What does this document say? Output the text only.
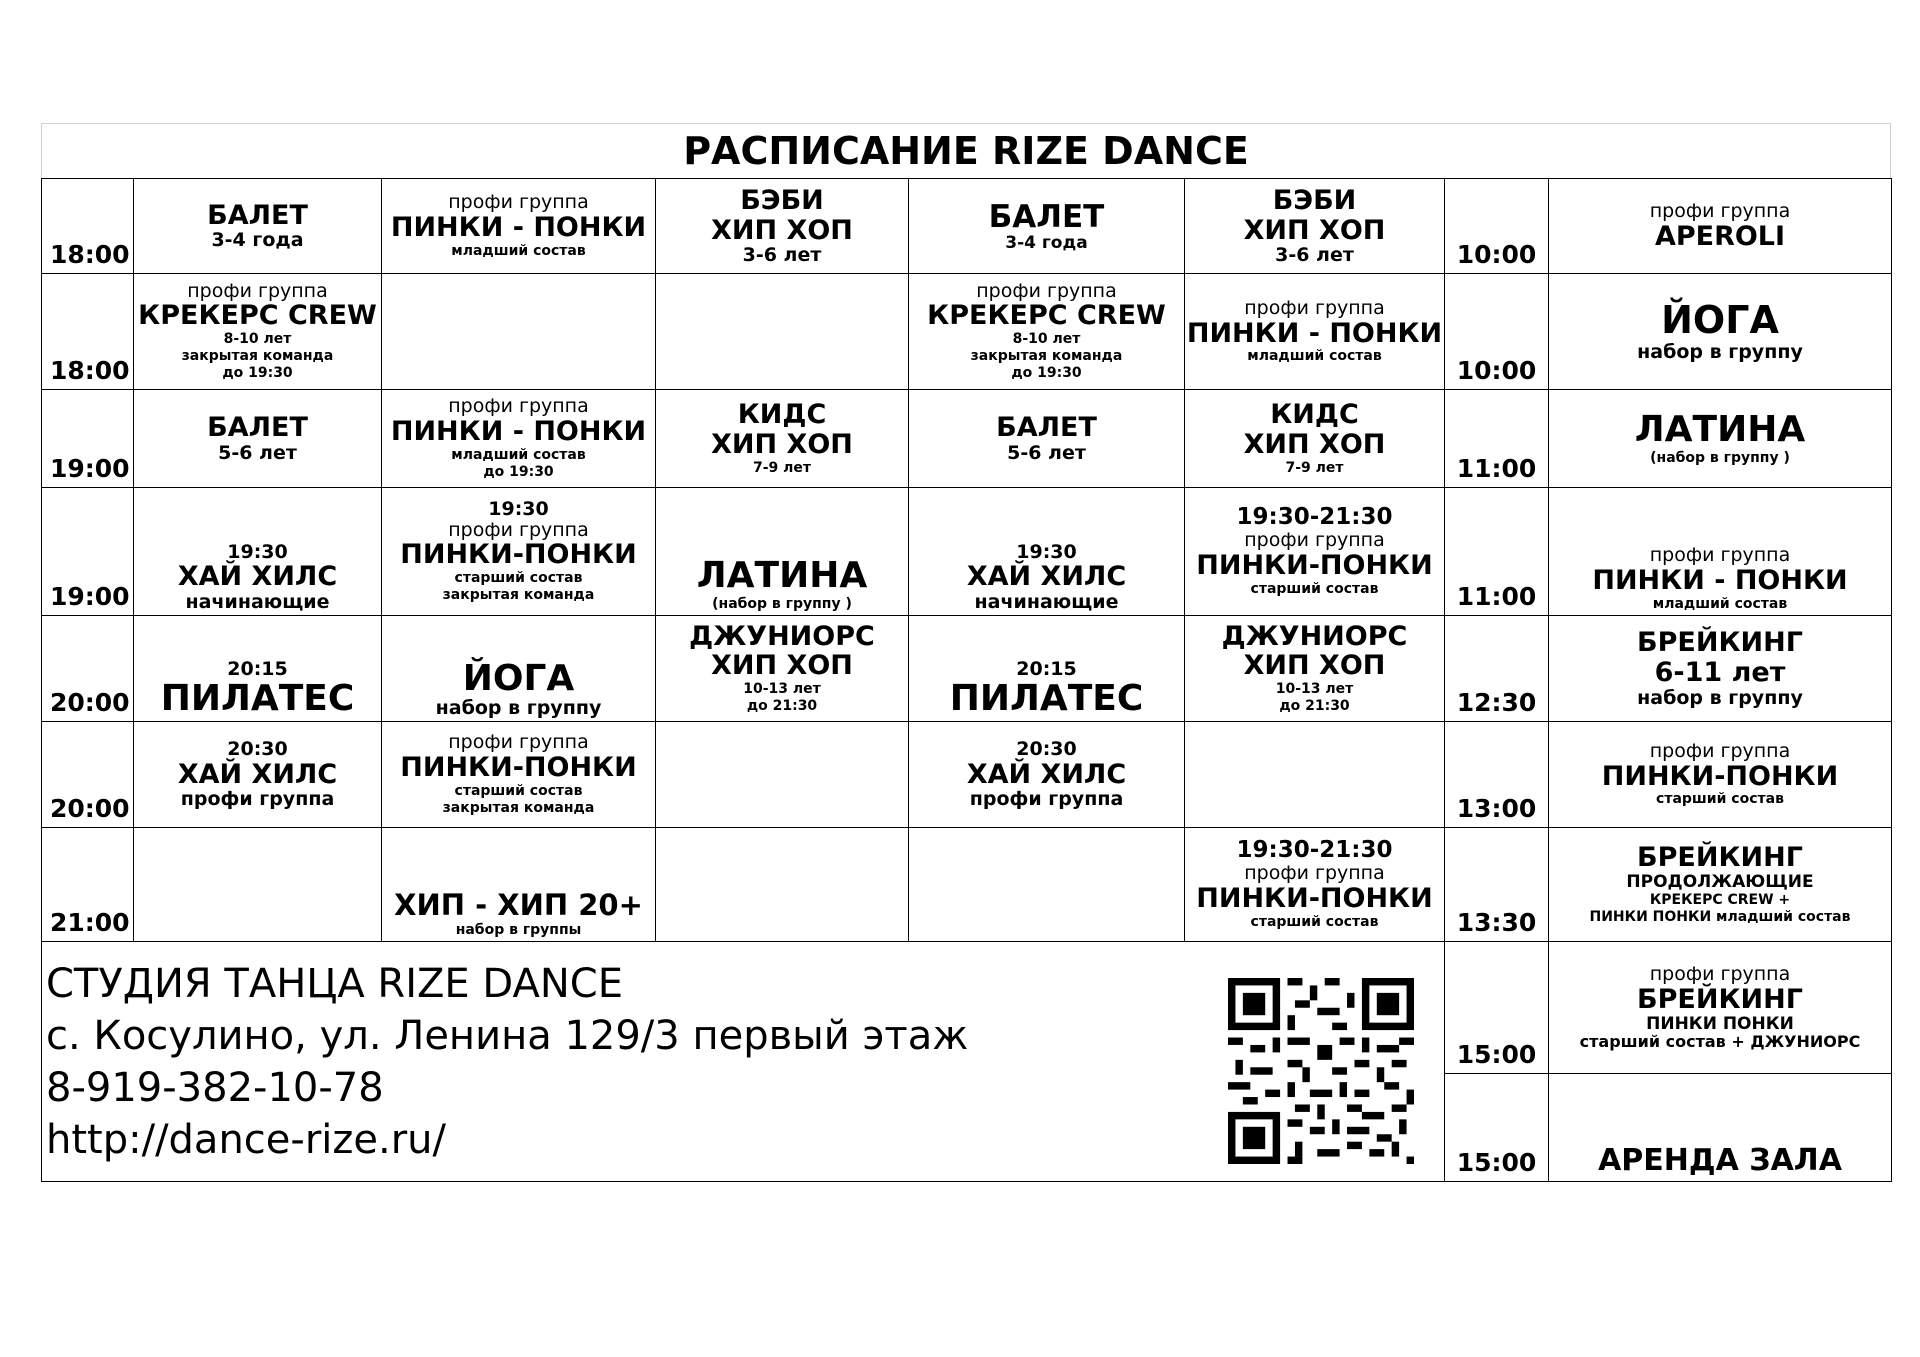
РАСПИСАНИЕ RIZE DANCE
18:00	БАЛЕТ
3-4 года	профи группа
ПИНКИ - ПОНКИ
младший состав	БЭБИ
ХИП ХОП
3-6 лет	БАЛЕТ
3-4 года	БЭБИ
ХИП ХОП
3-6 лет	10:00	профи группа
APEROLI

18:00	профи группа
КРЕКЕРС CREW
8-10 лет
закрытая команда
до 19:30			профи группа
КРЕКЕРС CREW
8-10 лет
закрытая команда
до 19:30	профи группа
ПИНКИ - ПОНКИ
младший состав	10:00	ЙОГА
набор в группу

19:00	БАЛЕТ
5-6 лет	профи группа
ПИНКИ - ПОНКИ
младший состав
до 19:30	КИДС
ХИП ХОП
7-9 лет	БАЛЕТ
5-6 лет	КИДС
ХИП ХОП
7-9 лет	11:00	ЛАТИНА
(набор в группу )

19:00	19:30
ХАЙ ХИЛС
начинающие	19:30
профи группа
ПИНКИ-ПОНКИ
старший состав
закрытая команда	ЛАТИНА
(набор в группу )	19:30
ХАЙ ХИЛС
начинающие	19:30-21:30
профи группа
ПИНКИ-ПОНКИ
старший состав	11:00	профи группа
ПИНКИ - ПОНКИ
младший состав

20:00	20:15
ПИЛАТЕС	ЙОГА
набор в группу	ДЖУНИОРС
ХИП ХОП
10-13 лет
до 21:30	20:15
ПИЛАТЕС	ДЖУНИОРС
ХИП ХОП
10-13 лет
до 21:30	12:30	БРЕЙКИНГ
6-11 лет
набор в группу

20:00	20:30
ХАЙ ХИЛС
профи группа	профи группа
ПИНКИ-ПОНКИ
старший состав
закрытая команда		20:30
ХАЙ ХИЛС
профи группа		13:00	профи группа
ПИНКИ-ПОНКИ
старший состав

21:00		ХИП - ХИП 20+
набор в группы			19:30-21:30
профи группа
ПИНКИ-ПОНКИ
старший состав	13:30	БРЕЙКИНГ
ПРОДОЛЖАЮЩИЕ
КРЕКЕРС CREW +
ПИНКИ ПОНКИ младший состав

СТУДИЯ ТАНЦА RIZE DANCE
с. Косулино, ул. Ленина 129/3 первый этаж
8-919-382-10-78
http://dance-rize.ru/						15:00	профи группа
БРЕЙКИНГ
ПИНКИ ПОНКИ
старший состав + ДЖУНИОРС

						15:00	АРЕНДА ЗАЛА
